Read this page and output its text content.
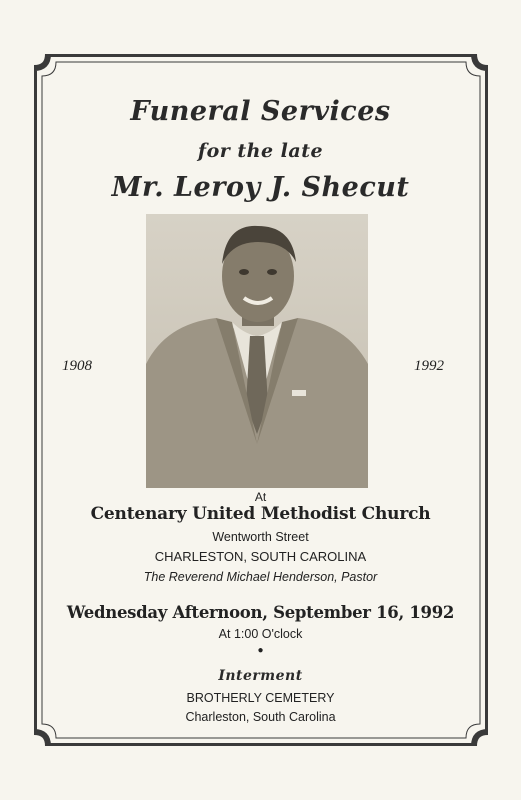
Funeral Services
for the late
Mr. Leroy J. Shecut
1908	1992
At
Centenary United Methodist Church
Wentworth Street
CHARLESTON, SOUTH CAROLINA
The Reverend Michael Henderson, Pastor
Wednesday Afternoon, September 16, 1992
At 1:00 O'clock
●
Interment
BROTHERLY CEMETERY
Charleston, South Carolina
